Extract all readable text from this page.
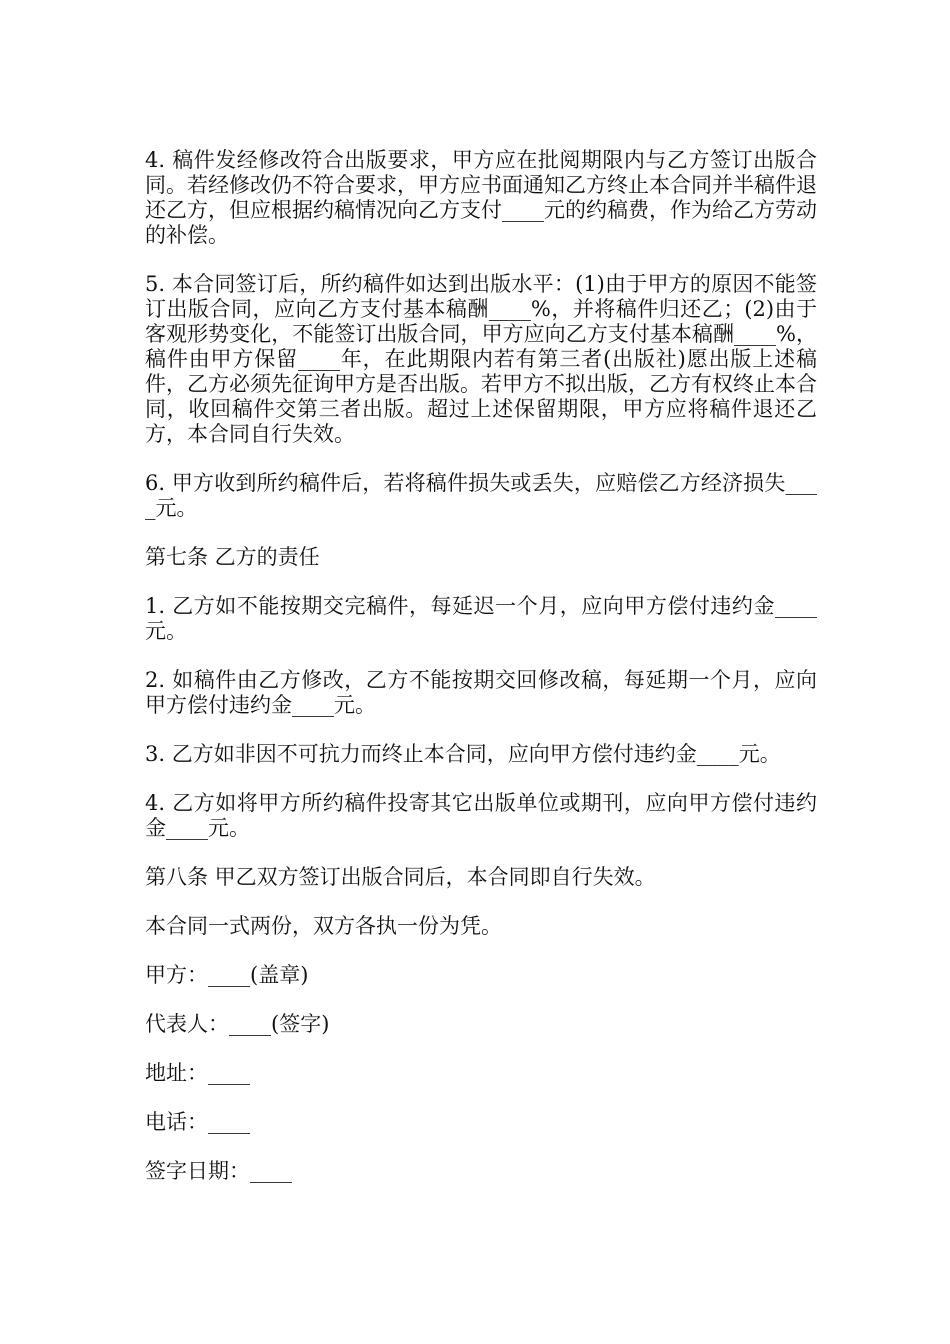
4. 稿件发经修改符合出版要求，甲方应在批阅期限内与乙方签订出版合同。若经修改仍不符合要求，甲方应书面通知乙方终止本合同并半稿件退还乙方，但应根据约稿情况向乙方支付____元的约稿费，作为给乙方劳动的补偿。

5. 本合同签订后，所约稿件如达到出版水平：(1)由于甲方的原因不能签订出版合同，应向乙方支付基本稿酬____%，并将稿件归还乙；(2)由于客观形势变化，不能签订出版合同，甲方应向乙方支付基本稿酬____%，稿件由甲方保留____年，在此期限内若有第三者(出版社)愿出版上述稿件，乙方必须先征询甲方是否出版。若甲方不拟出版，乙方有权终止本合同，收回稿件交第三者出版。超过上述保留期限，甲方应将稿件退还乙方，本合同自行失效。

6. 甲方收到所约稿件后，若将稿件损失或丢失，应赔偿乙方经济损失____元。

第七条 乙方的责任

1. 乙方如不能按期交完稿件，每延迟一个月，应向甲方偿付违约金____元。

2. 如稿件由乙方修改，乙方不能按期交回修改稿，每延期一个月，应向甲方偿付违约金____元。

3. 乙方如非因不可抗力而终止本合同，应向甲方偿付违约金____元。

4. 乙方如将甲方所约稿件投寄其它出版单位或期刊，应向甲方偿付违约金____元。

第八条 甲乙双方签订出版合同后，本合同即自行失效。

本合同一式两份，双方各执一份为凭。

甲方：____(盖章)

代表人：____(签字)

地址：____

电话：____

签字日期：____
